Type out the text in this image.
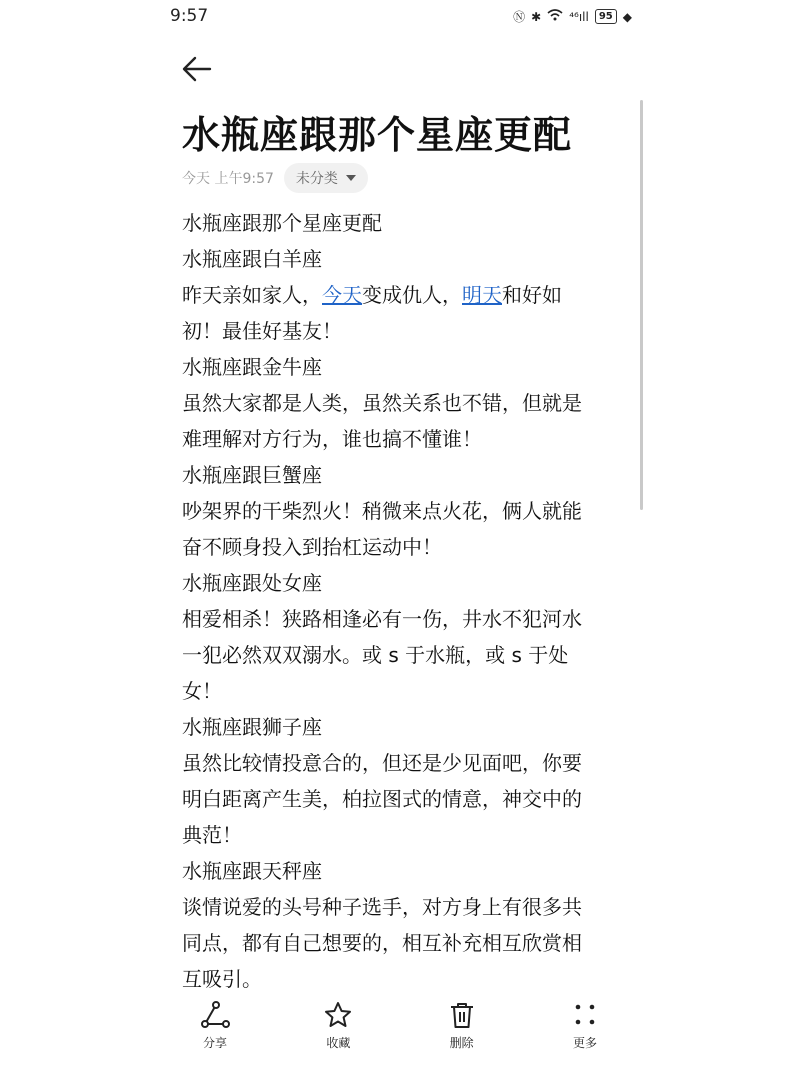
9:57	Ⓝ ✱ ⁴⁶ıll	95 ◆
水瓶座跟那个星座更配
今天 上午9:57 未分类

水瓶座跟那个星座更配

水瓶座跟白羊座

昨天亲如家人，今天变成仇人，明天和好如

初！最佳好基友！

水瓶座跟金牛座

虽然大家都是人类，虽然关系也不错，但就是

难理解对方行为，谁也搞不懂谁！

水瓶座跟巨蟹座

吵架界的干柴烈火！稍微来点火花，俩人就能

奋不顾身投入到抬杠运动中！

水瓶座跟处女座

相爱相杀！狭路相逢必有一伤，井水不犯河水

一犯必然双双溺水。或 s 于水瓶，或 s 于处

女！

水瓶座跟狮子座

虽然比较情投意合的，但还是少见面吧，你要

明白距离产生美，柏拉图式的情意，神交中的

典范！

水瓶座跟天秤座

谈情说爱的头号种子选手，对方身上有很多共

同点，都有自己想要的，相互补充相互欣赏相

互吸引。

分享	收藏	删除	更多
